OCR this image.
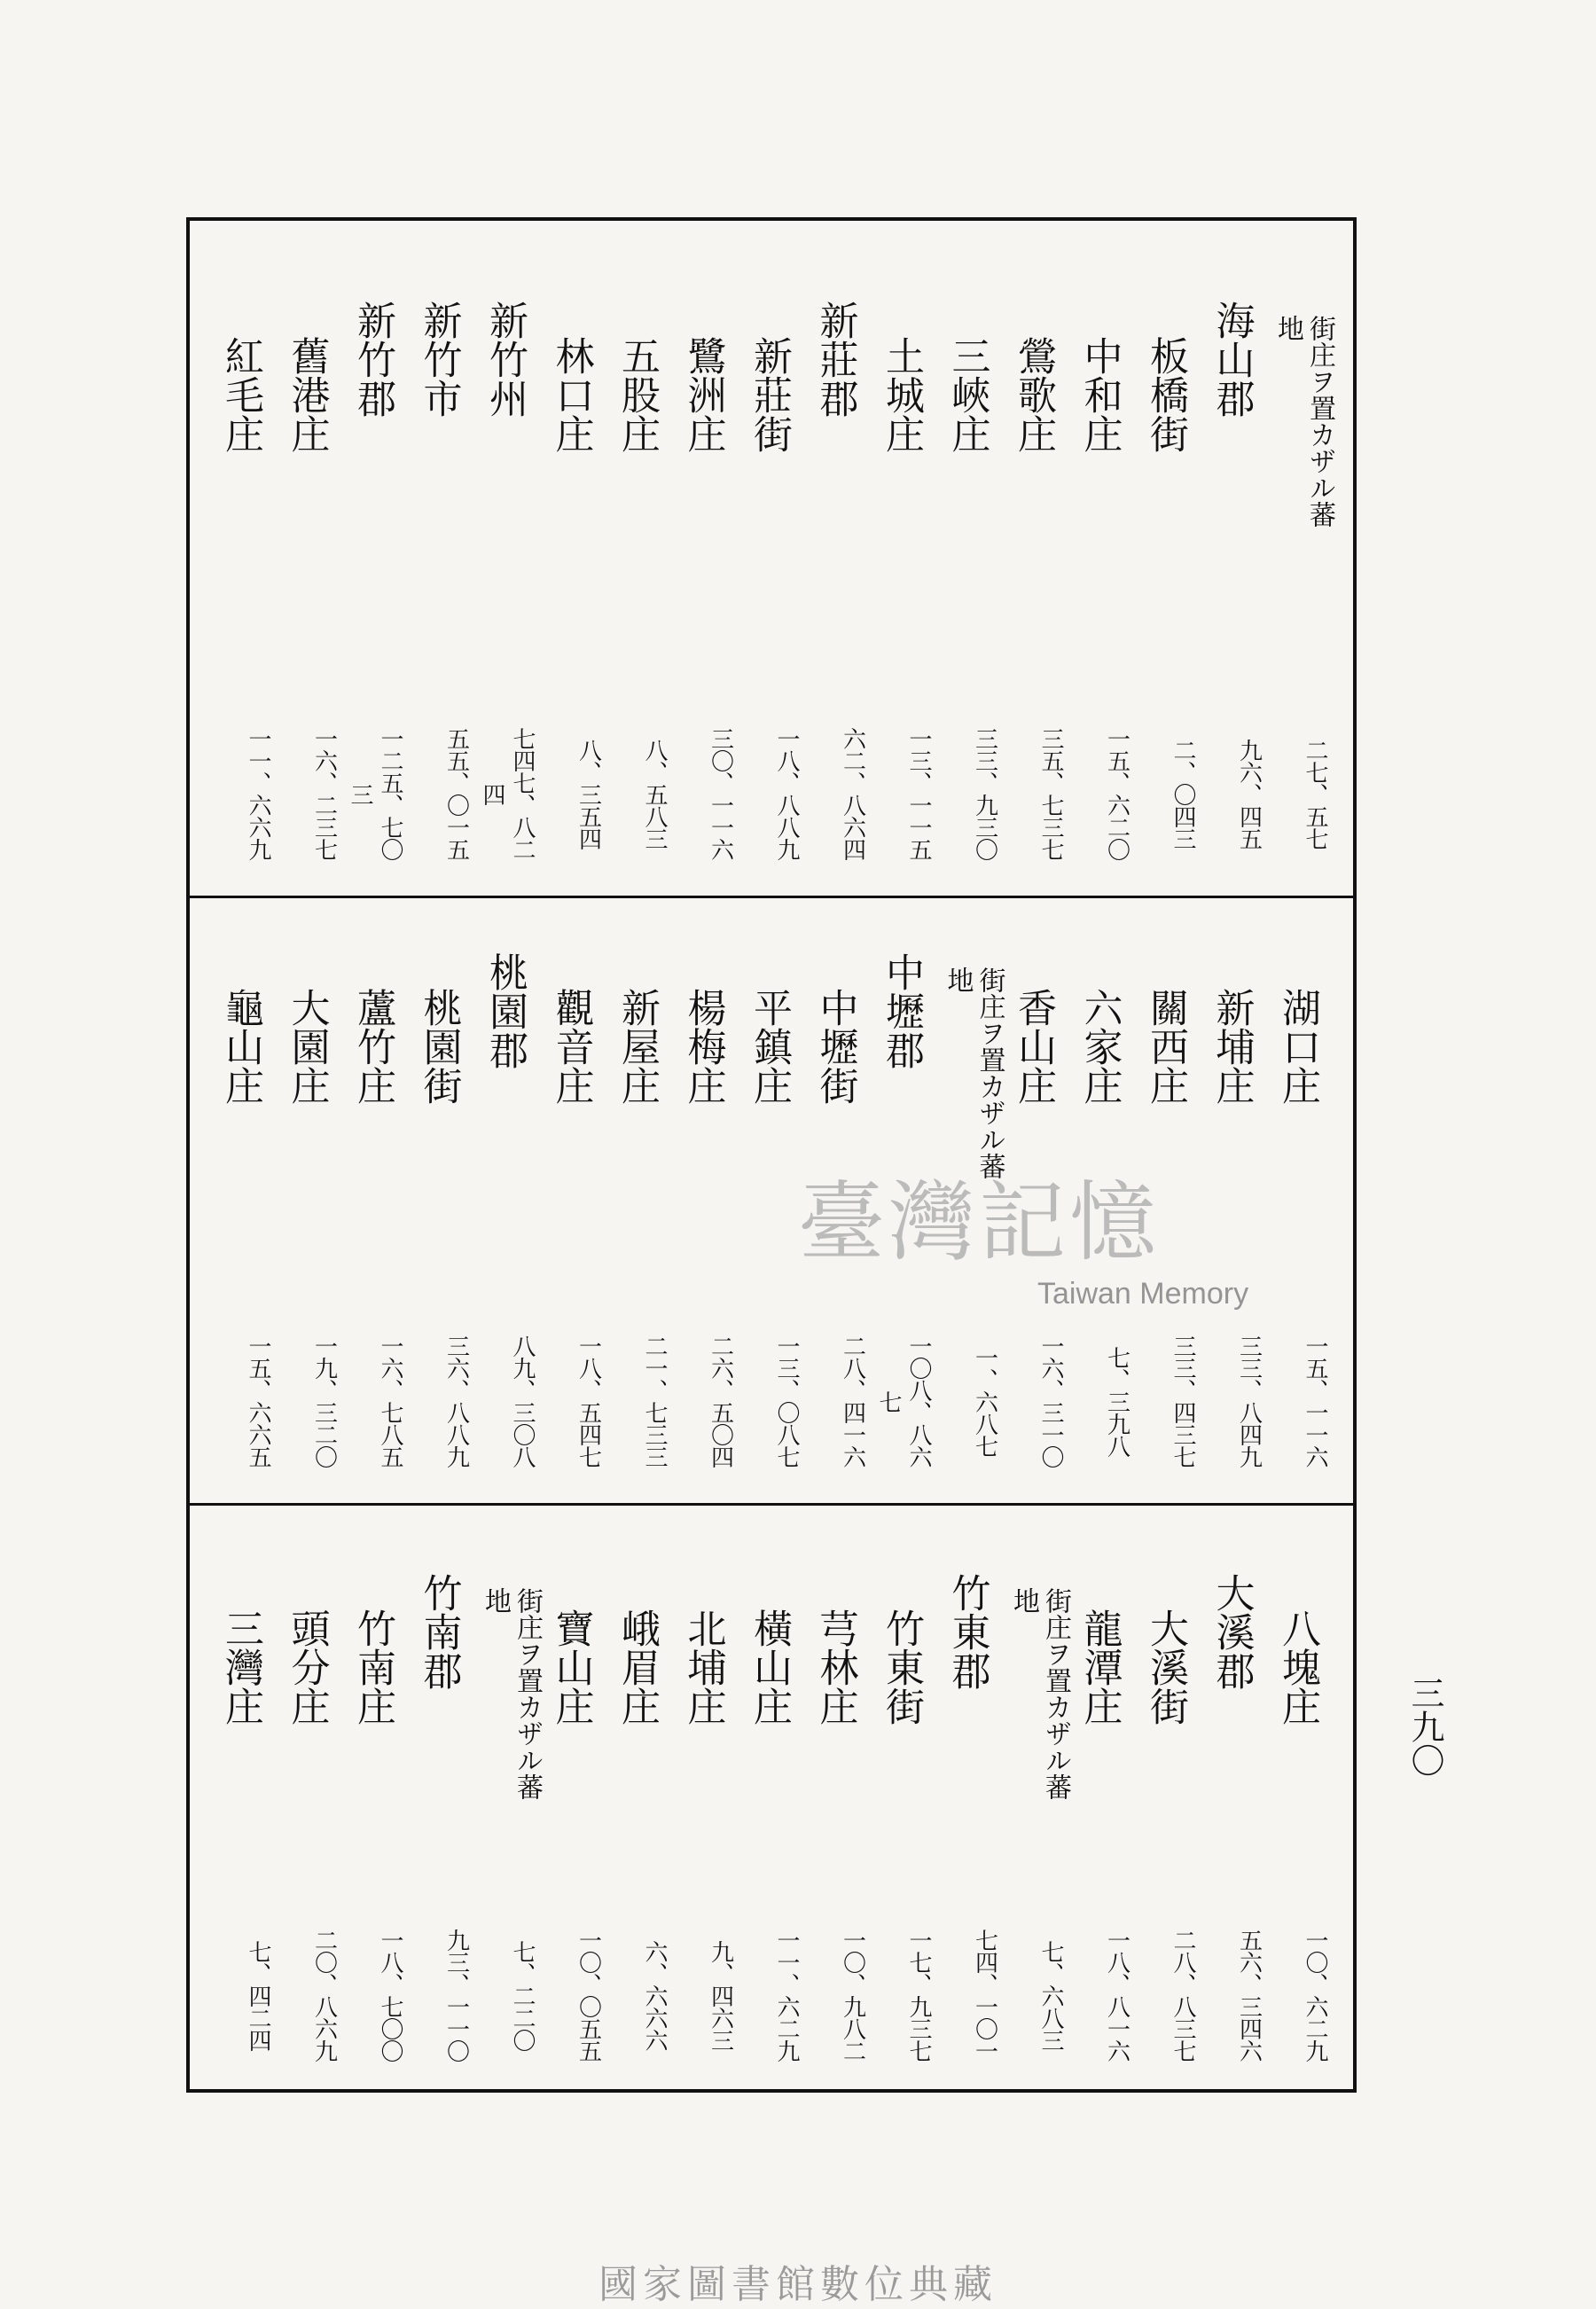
街庄ヲ置カザル蕃地
二七、五七
海山郡
九六、四五
板橋街
二、〇四三
中和庄
一五、六二〇
鶯歌庄
三五、七三七
三峽庄
三三、九三〇
土城庄
一三、一一五
新莊郡
六二、八六四
新莊街
一八、八八九
鷺洲庄
三〇、一一六
五股庄
八、五八三
林口庄
八、三五四
新竹州
七四七、八二四
新竹市
五五、〇一五
新竹郡
一二五、七〇三
舊港庄
一六、二三七
紅毛庄
一一、六六九
湖口庄
一五、一一六
新埔庄
三三、八四九
關西庄
三三、四三七
六家庄
七、三九八
香山庄
一六、三一〇
街庄ヲ置カザル蕃地
一、六八七
中壢郡
一〇八、八六七
中壢街
二八、四一六
平鎮庄
一三、〇八七
楊梅庄
二六、五〇四
新屋庄
二一、七三三
觀音庄
一八、五四七
桃園郡
八九、三〇八
桃園街
三六、八八九
蘆竹庄
一六、七八五
大園庄
一九、三二〇
龜山庄
一五、六六五
八塊庄
一〇、六二九
大溪郡
五六、三四六
大溪街
二八、八三七
龍潭庄
一八、八一六
街庄ヲ置カザル蕃地
七、六八三
竹東郡
七四、一〇一
竹東街
一七、九三七
芎林庄
一〇、九八二
橫山庄
一一、六二九
北埔庄
九、四六三
峨眉庄
六、六六六
寶山庄
一〇、〇五五
街庄ヲ置カザル蕃地
七、二二〇
竹南郡
九三、一一〇
竹南庄
一八、七〇〇
頭分庄
二〇、八六九
三灣庄
七、四二四
三九〇
臺灣記憶
Taiwan Memory
國家圖書館數位典藏
